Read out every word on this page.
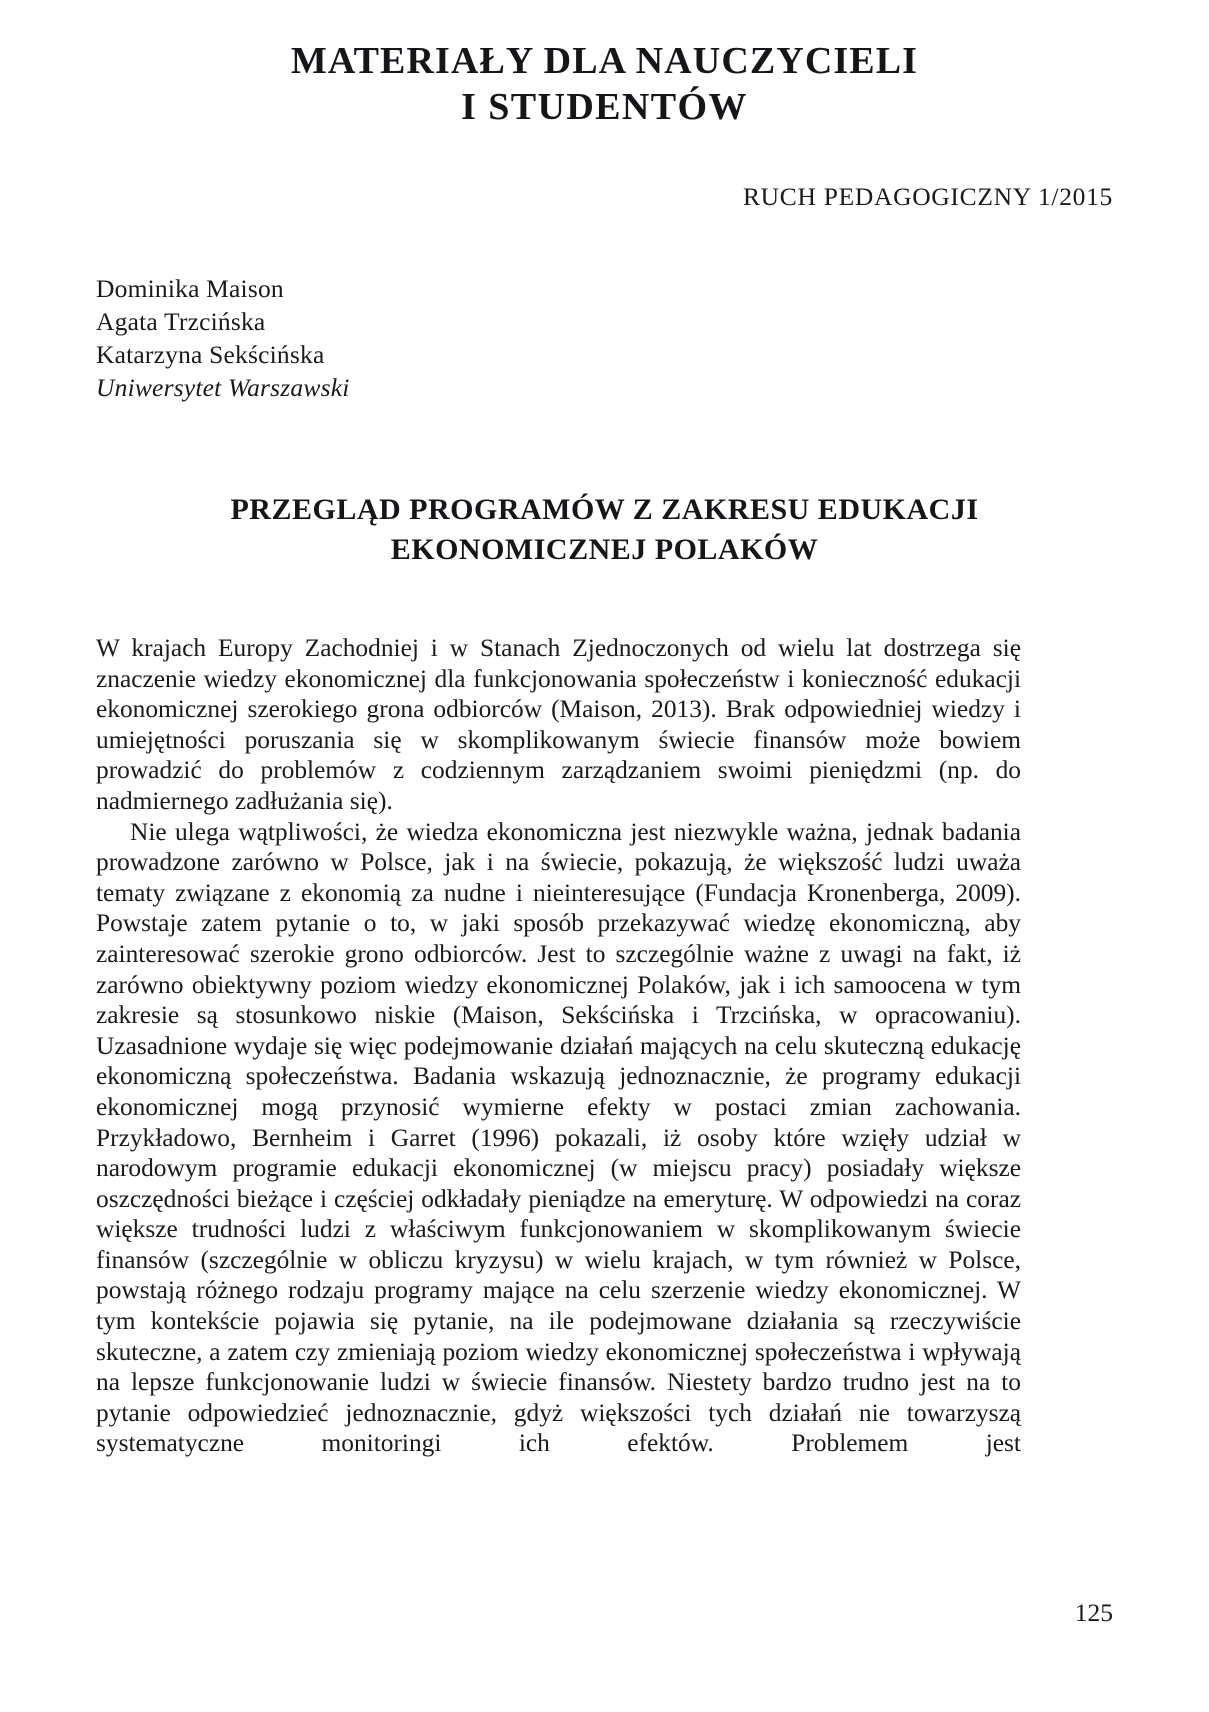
MATERIAŁY DLA NAUCZYCIELI
I STUDENTÓW
RUCH PEDAGOGICZNY 1/2015
Dominika Maison
Agata Trzcińska
Katarzyna Sekścińska
Uniwersytet Warszawski
PRZEGLĄD PROGRAMÓW Z ZAKRESU EDUKACJI
EKONOMICZNEJ POLAKÓW

W krajach Europy Zachodniej i w Stanach Zjednoczonych od wielu lat dostrzega się znaczenie wiedzy ekonomicznej dla funkcjonowania społeczeństw i konieczność edukacji ekonomicznej szerokiego grona odbiorców (Maison, 2013). Brak odpowiedniej wiedzy i umiejętności poruszania się w skomplikowanym świecie finansów może bowiem prowadzić do problemów z codziennym zarządzaniem swoimi pieniędzmi (np. do nadmiernego zadłużania się).

Nie ulega wątpliwości, że wiedza ekonomiczna jest niezwykle ważna, jednak badania prowadzone zarówno w Polsce, jak i na świecie, pokazują, że większość ludzi uważa tematy związane z ekonomią za nudne i nieinteresujące (Fundacja Kronenberga, 2009). Powstaje zatem pytanie o to, w jaki sposób przekazywać wiedzę ekonomiczną, aby zainteresować szerokie grono odbiorców. Jest to szczególnie ważne z uwagi na fakt, iż zarówno obiektywny poziom wiedzy ekonomicznej Polaków, jak i ich samoocena w tym zakresie są stosunkowo niskie (Maison, Sekścińska i Trzcińska, w opracowaniu). Uzasadnione wydaje się więc podejmowanie działań mających na celu skuteczną edukację ekonomiczną społeczeństwa. Badania wskazują jednoznacznie, że programy edukacji ekonomicznej mogą przynosić wymierne efekty w postaci zmian zachowania. Przykładowo, Bernheim i Garret (1996) pokazali, iż osoby które wzięły udział w narodowym programie edukacji ekonomicznej (w miejscu pracy) posiadały większe oszczędności bieżące i częściej odkładały pieniądze na emeryturę. W odpowiedzi na coraz większe trudności ludzi z właściwym funkcjonowaniem w skomplikowanym świecie finansów (szczególnie w obliczu kryzysu) w wielu krajach, w tym również w Polsce, powstają różnego rodzaju programy mające na celu szerzenie wiedzy ekonomicznej. W tym kontekście pojawia się pytanie, na ile podejmowane działania są rzeczywiście skuteczne, a zatem czy zmieniają poziom wiedzy ekonomicznej społeczeństwa i wpływają na lepsze funkcjonowanie ludzi w świecie finansów. Niestety bardzo trudno jest na to pytanie odpowiedzieć jednoznacznie, gdyż większości tych działań nie towarzyszą systematyczne monitoringi ich efektów. Problemem jest

125
